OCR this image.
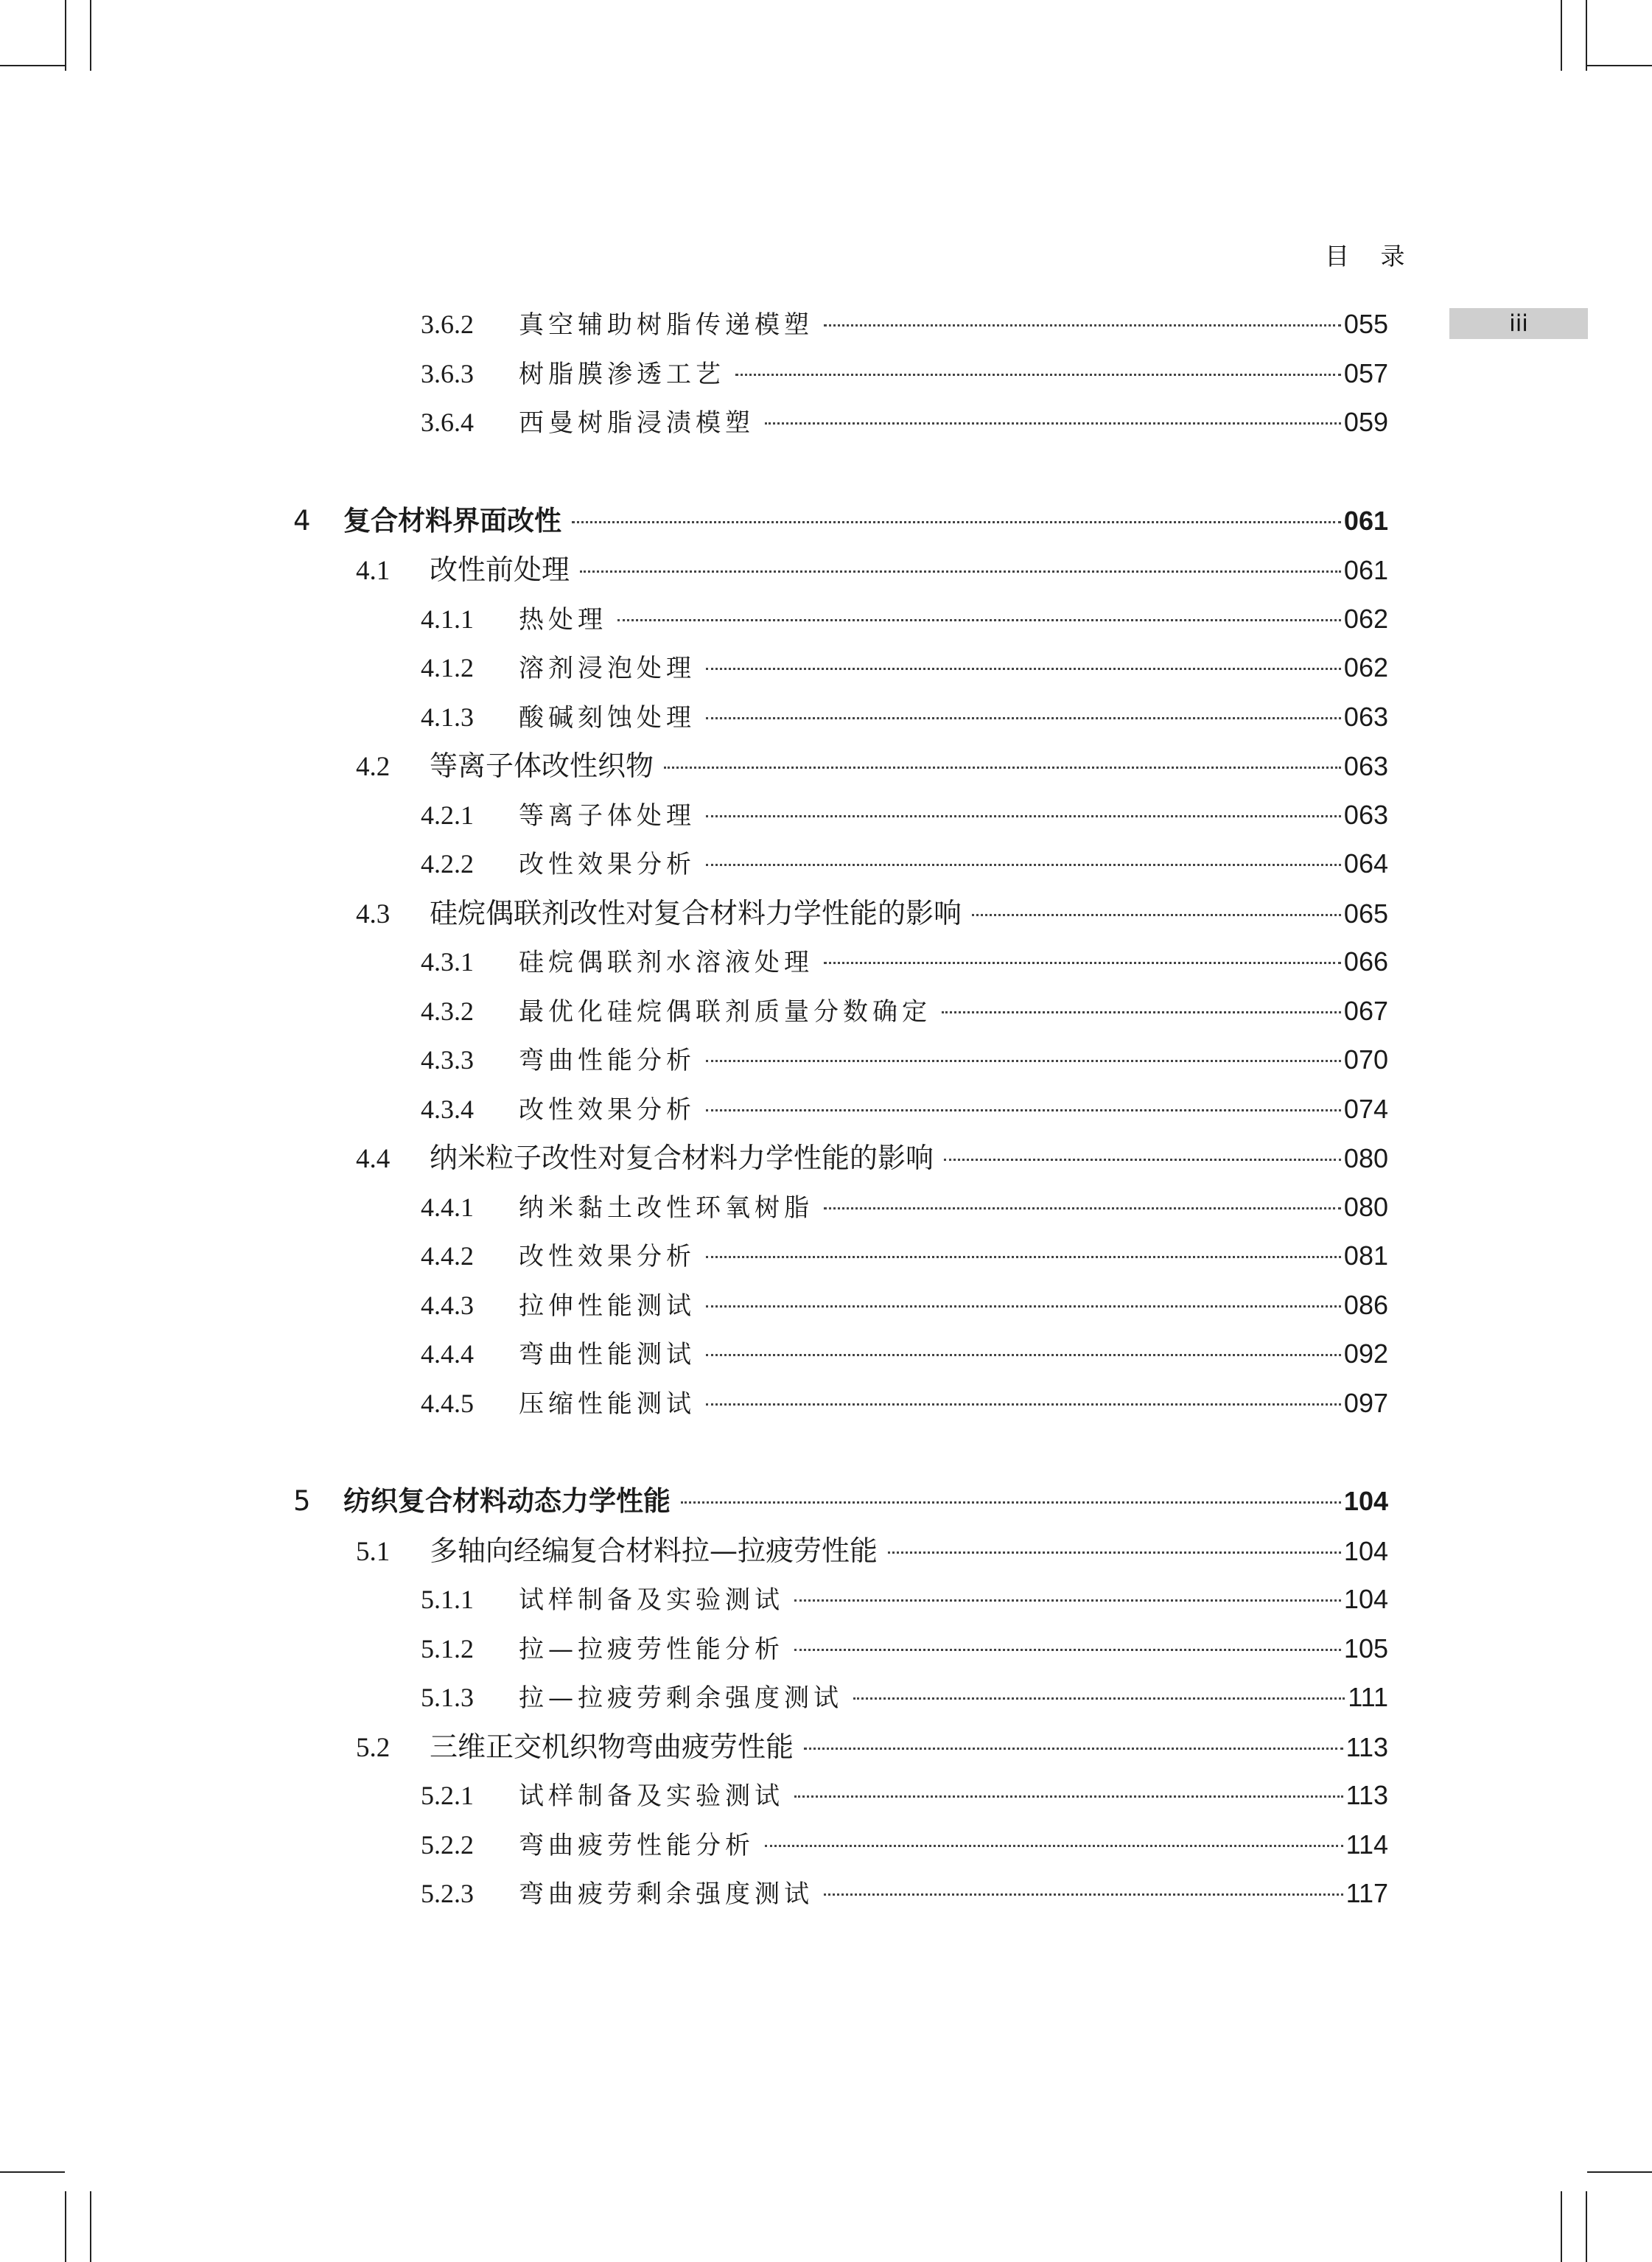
目 录
iii
3.6.2	真空辅助树脂传递模塑	055
3.6.3	树脂膜渗透工艺	057
3.6.4	西曼树脂浸渍模塑	059
4	复合材料界面改性	061
4.1	改性前处理	061
4.1.1	热处理	062
4.1.2	溶剂浸泡处理	062
4.1.3	酸碱刻蚀处理	063
4.2	等离子体改性织物	063
4.2.1	等离子体处理	063
4.2.2	改性效果分析	064
4.3	硅烷偶联剂改性对复合材料力学性能的影响	065
4.3.1	硅烷偶联剂水溶液处理	066
4.3.2	最优化硅烷偶联剂质量分数确定	067
4.3.3	弯曲性能分析	070
4.3.4	改性效果分析	074
4.4	纳米粒子改性对复合材料力学性能的影响	080
4.4.1	纳米黏土改性环氧树脂	080
4.4.2	改性效果分析	081
4.4.3	拉伸性能测试	086
4.4.4	弯曲性能测试	092
4.4.5	压缩性能测试	097
5	纺织复合材料动态力学性能	104
5.1	多轴向经编复合材料拉—拉疲劳性能	104
5.1.1	试样制备及实验测试	104
5.1.2	拉—拉疲劳性能分析	105
5.1.3	拉—拉疲劳剩余强度测试	111
5.2	三维正交机织物弯曲疲劳性能	113
5.2.1	试样制备及实验测试	113
5.2.2	弯曲疲劳性能分析	114
5.2.3	弯曲疲劳剩余强度测试	117
